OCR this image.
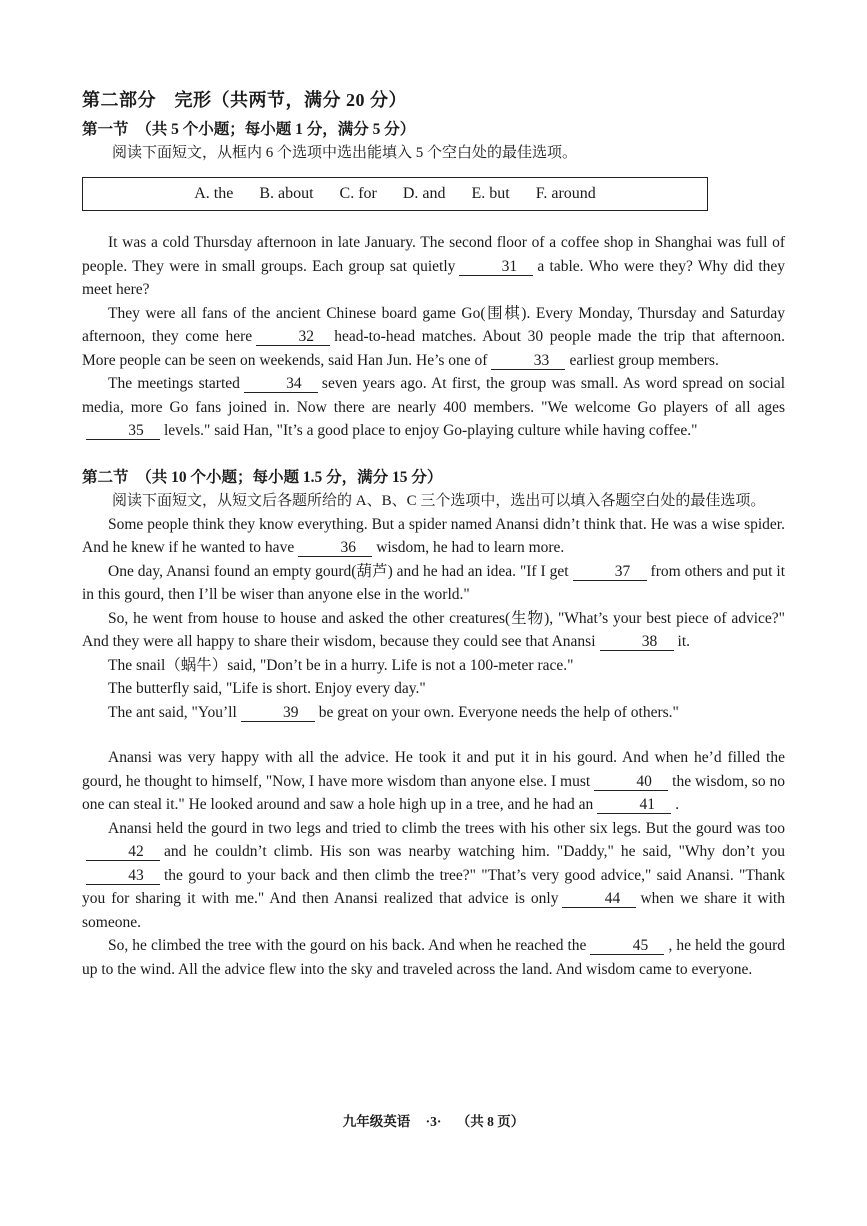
第二部分　完形（共两节，满分 20 分）
第一节　（共 5 个小题；每小题 1 分，满分 5 分）
阅读下面短文，从框内 6 个选项中选出能填入 5 个空白处的最佳选项。
A. the B. about C. for D. and E. but F. around

It was a cold Thursday afternoon in late January. The second floor of a coffee shop in Shanghai was full of people. They were in small groups. Each group sat quietly	31 a table. Who were they? Why did they meet here?

They were all fans of the ancient Chinese board game Go(围棋). Every Monday, Thursday and Saturday afternoon, they come here	32 head-to-head matches. About 30 people made the trip that afternoon. More people can be seen on weekends, said Han Jun. He’s one of	33 earliest group members.

The meetings started	34 seven years ago. At first, the group was small. As word spread on social media, more Go fans joined in. Now there are nearly 400 members. "We welcome Go players of all ages35 levels." said Han, "It’s a good place to enjoy Go-playing culture while having coffee."

第二节　（共 10 个小题；每小题 1.5 分，满分 15 分）
阅读下面短文，从短文后各题所给的 A、B、C 三个选项中，选出可以填入各题空白处的最佳选项。

Some people think they know everything. But a spider named Anansi didn’t think that. He was a wise spider. And he knew if he wanted to have	36 wisdom, he had to learn more.

One day, Anansi found an empty gourd(葫芦) and he had an idea. "If I get	37 from others and put it in this gourd, then I’ll be wiser than anyone else in the world."

So, he went from house to house and asked the other creatures(生物), "What’s your best piece of advice?" And they were all happy to share their wisdom, because they could see that Anansi	38 it.

The snail（蜗牛）said, "Don’t be in a hurry. Life is not a 100-meter race."

The butterfly said, "Life is short. Enjoy every day."

The ant said, "You’ll	39 be great on your own. Everyone needs the help of others."

Anansi was very happy with all the advice. He took it and put it in his gourd. And when he’d filled the gourd, he thought to himself, "Now, I have more wisdom than anyone else. I must	40 the wisdom, so no one can steal it." He looked around and saw a hole high up in a tree, and he had an	41 .

Anansi held the gourd in two legs and tried to climb the trees with his other six legs. But the gourd was too42 and he couldn’t climb. His son was nearby watching him. "Daddy," he said, "Why don’t you43 the gourd to your back and then climb the tree?" "That’s very good advice," said Anansi. "Thank you for sharing it with me." And then Anansi realized that advice is only	44 when we share it with someone.

So, he climbed the tree with the gourd on his back. And when he reached the	45 , he held the gourd up to the wind. All the advice flew into the sky and traveled across the land. And wisdom came to everyone.

九年级英语 ·3· （共 8 页）
